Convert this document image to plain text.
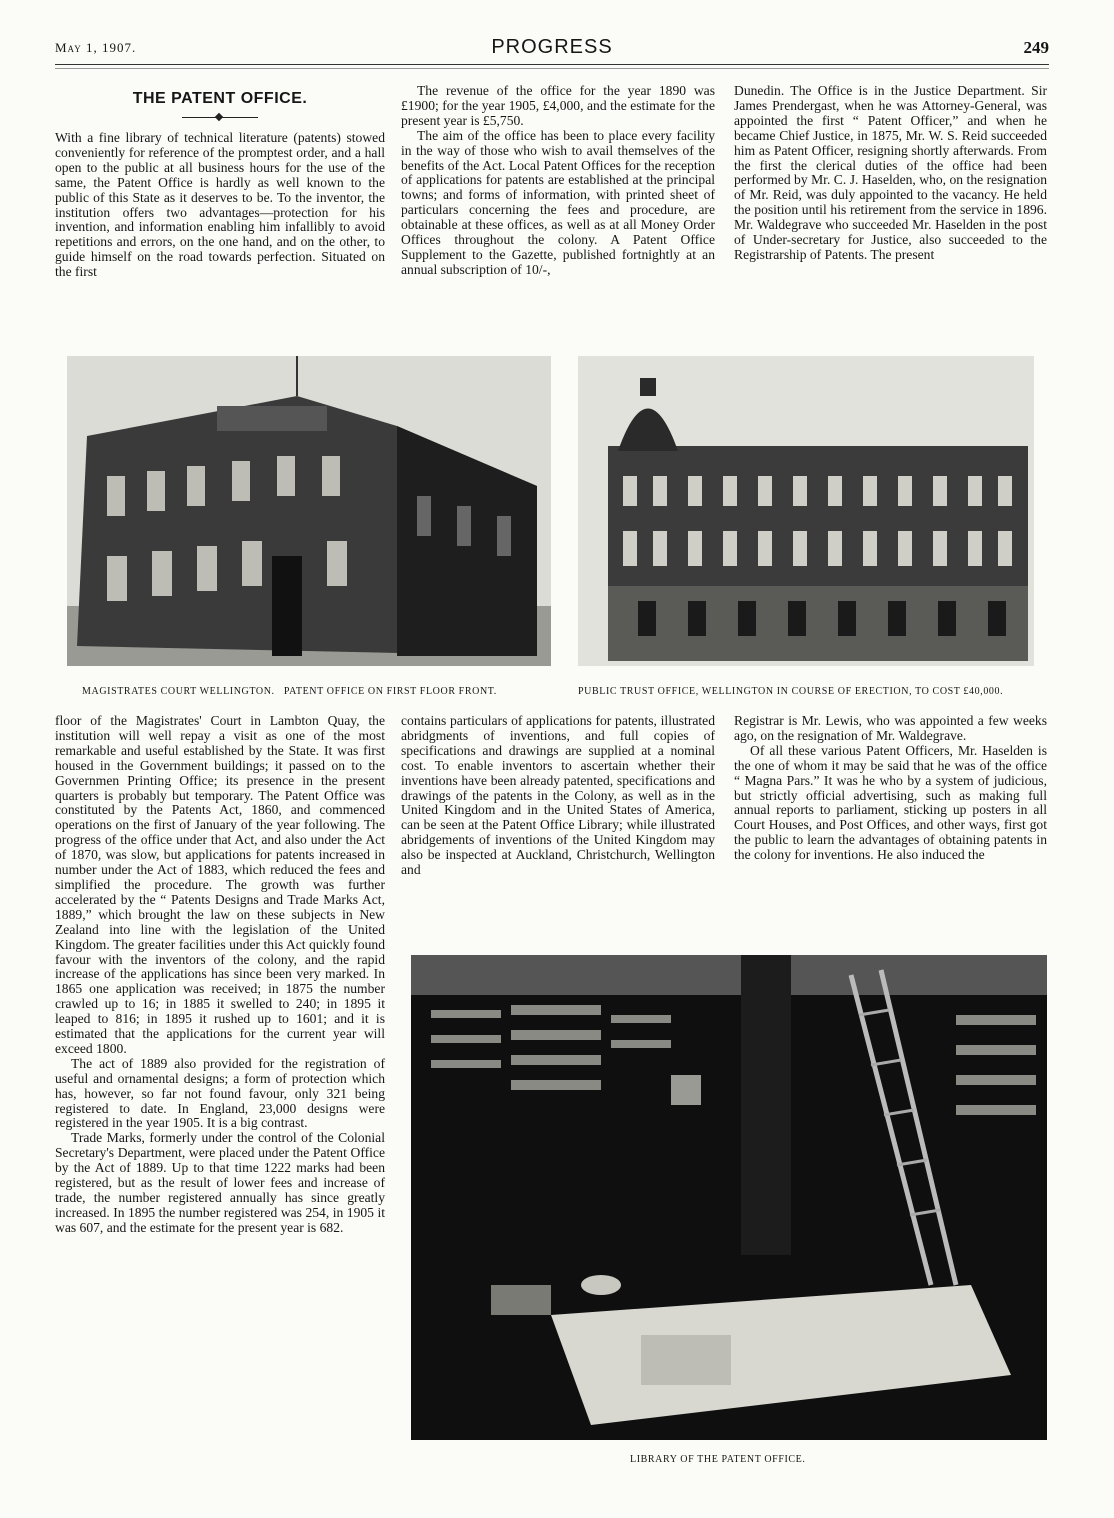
May 1, 1907.	PROGRESS	249
THE PATENT OFFICE.

With a fine library of technical literature (patents) stowed conveniently for reference of the promptest order, and a hall open to the public at all business hours for the use of the same, the Patent Office is hardly as well known to the public of this State as it deserves to be. To the inventor, the institution offers two advantages—protection for his invention, and information enabling him infallibly to avoid repetitions and errors, on the one hand, and on the other, to guide himself on the road towards perfection. Situated on the first

The revenue of the office for the year 1890 was £1900; for the year 1905, £4,000, and the estimate for the present year is £5,750.

The aim of the office has been to place every facility in the way of those who wish to avail themselves of the benefits of the Act. Local Patent Offices for the reception of applications for patents are established at the principal towns; and forms of information, with printed sheet of particulars concerning the fees and procedure, are obtainable at these offices, as well as at all Money Order Offices throughout the colony. A Patent Office Supplement to the Gazette, published fortnightly at an annual subscription of 10/-,

Dunedin. The Office is in the Justice Department. Sir James Prendergast, when he was Attorney-General, was appointed the first “ Patent Officer,” and when he became Chief Justice, in 1875, Mr. W. S. Reid succeeded him as Patent Officer, resigning shortly afterwards. From the first the clerical duties of the office had been performed by Mr. C. J. Haselden, who, on the resignation of Mr. Reid, was duly appointed to the vacancy. He held the position until his retirement from the service in 1896. Mr. Waldegrave who succeeded Mr. Haselden in the post of Under-secretary for Justice, also succeeded to the Registrarship of Patents. The present

MAGISTRATES COURT WELLINGTON.   PATENT OFFICE ON FIRST FLOOR FRONT.	PUBLIC TRUST OFFICE, WELLINGTON IN COURSE OF ERECTION, TO COST £40,000.

floor of the Magistrates' Court in Lambton Quay, the institution will well repay a visit as one of the most remarkable and useful established by the State. It was first housed in the Government buildings; it passed on to the Governmen Printing Office; its presence in the present quarters is probably but temporary. The Patent Office was constituted by the Patents Act, 1860, and commenced operations on the first of January of the year following. The progress of the office under that Act, and also under the Act of 1870, was slow, but applications for patents increased in number under the Act of 1883, which reduced the fees and simplified the procedure. The growth was further accelerated by the “ Patents Designs and Trade Marks Act, 1889,” which brought the law on these subjects in New Zealand into line with the legislation of the United Kingdom. The greater facilities under this Act quickly found favour with the inventors of the colony, and the rapid increase of the applications has since been very marked. In 1865 one application was received; in 1875 the number crawled up to 16; in 1885 it swelled to 240; in 1895 it leaped to 816; in 1895 it rushed up to 1601; and it is estimated that the applications for the current year will exceed 1800.

The act of 1889 also provided for the registration of useful and ornamental designs; a form of protection which has, however, so far not found favour, only 321 being registered to date. In England, 23,000 designs were registered in the year 1905. It is a big contrast.

Trade Marks, formerly under the control of the Colonial Secretary's Department, were placed under the Patent Office by the Act of 1889. Up to that time 1222 marks had been registered, but as the result of lower fees and increase of trade, the number registered annually has since greatly increased. In 1895 the number registered was 254, in 1905 it was 607, and the estimate for the present year is 682.

contains particulars of applications for patents, illustrated abridgments of inventions, and full copies of specifications and drawings are supplied at a nominal cost. To enable inventors to ascertain whether their inventions have been already patented, specifications and drawings of the patents in the Colony, as well as in the United Kingdom and in the United States of America, can be seen at the Patent Office Library; while illustrated abridgements of inventions of the United Kingdom may also be inspected at Auckland, Christchurch, Wellington and

Registrar is Mr. Lewis, who was appointed a few weeks ago, on the resignation of Mr. Waldegrave.

Of all these various Patent Officers, Mr. Haselden is the one of whom it may be said that he was of the office “ Magna Pars.” It was he who by a system of judicious, but strictly official advertising, such as making full annual reports to parliament, sticking up posters in all Court Houses, and Post Offices, and other ways, first got the public to learn the advantages of obtaining patents in the colony for inventions. He also induced the

LIBRARY OF THE PATENT OFFICE.
